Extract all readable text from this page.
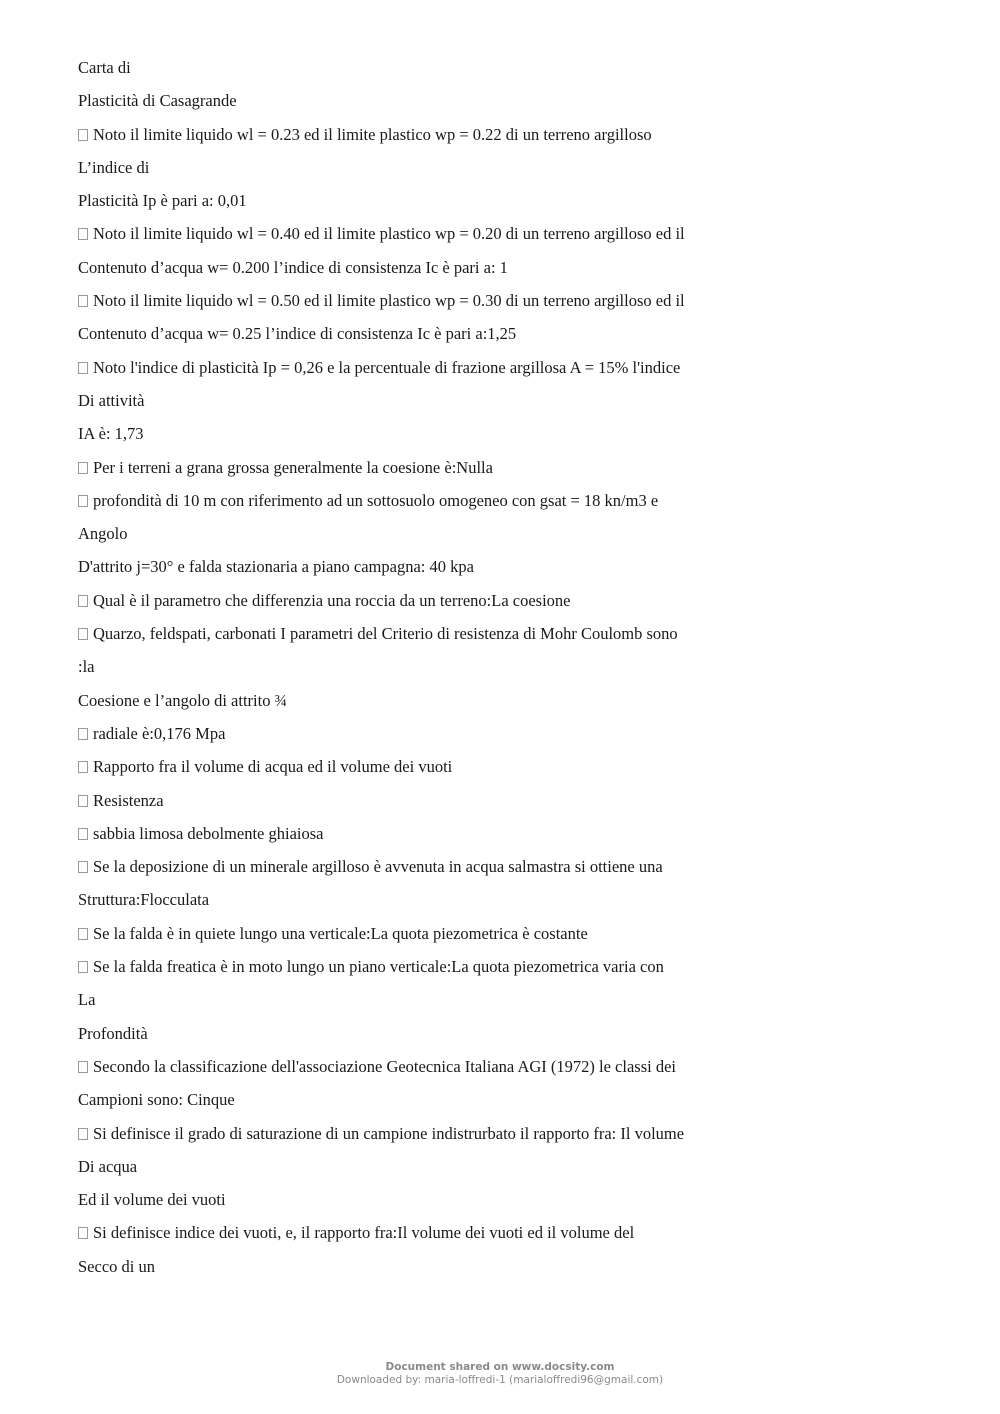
Carta di
Plasticità di Casagrande
Noto il limite liquido wl = 0.23 ed il limite plastico wp = 0.22 di un terreno argilloso
L’indice di
Plasticità Ip è pari a: 0,01
Noto il limite liquido wl = 0.40 ed il limite plastico wp = 0.20 di un terreno argilloso ed il
Contenuto d’acqua w= 0.200 l’indice di consistenza Ic è pari a: 1
Noto il limite liquido wl = 0.50 ed il limite plastico wp = 0.30 di un terreno argilloso ed il
Contenuto d’acqua w= 0.25 l’indice di consistenza Ic è pari a:1,25
Noto l'indice di plasticità Ip = 0,26 e la percentuale di frazione argillosa A = 15% l'indice
Di attività
IA è: 1,73
Per i terreni a grana grossa generalmente la coesione è:Nulla
profondità di 10 m con riferimento ad un sottosuolo omogeneo con gsat = 18 kn/m3 e
Angolo
D'attrito j=30° e falda stazionaria a piano campagna: 40 kpa
Qual è il parametro che differenzia una roccia da un terreno:La coesione
Quarzo, feldspati, carbonati I parametri del Criterio di resistenza di Mohr Coulomb sono
:la
Coesione e l’angolo di attrito ¾
radiale è:0,176 Mpa
Rapporto fra il volume di acqua ed il volume dei vuoti
Resistenza
sabbia limosa debolmente ghiaiosa
Se la deposizione di un minerale argilloso è avvenuta in acqua salmastra si ottiene una
Struttura:Flocculata
Se la falda è in quiete lungo una verticale:La quota piezometrica è costante
Se la falda freatica è in moto lungo un piano verticale:La quota piezometrica varia con
La
Profondità
Secondo la classificazione dell'associazione Geotecnica Italiana AGI (1972) le classi dei
Campioni sono: Cinque
Si definisce il grado di saturazione di un campione indistrurbato il rapporto fra: Il volume
Di acqua
Ed il volume dei vuoti
Si definisce indice dei vuoti, e, il rapporto fra:Il volume dei vuoti ed il volume del
Secco di un
Document shared on www.docsity.com
Downloaded by: maria-loffredi-1 (marialoffredi96@gmail.com)
